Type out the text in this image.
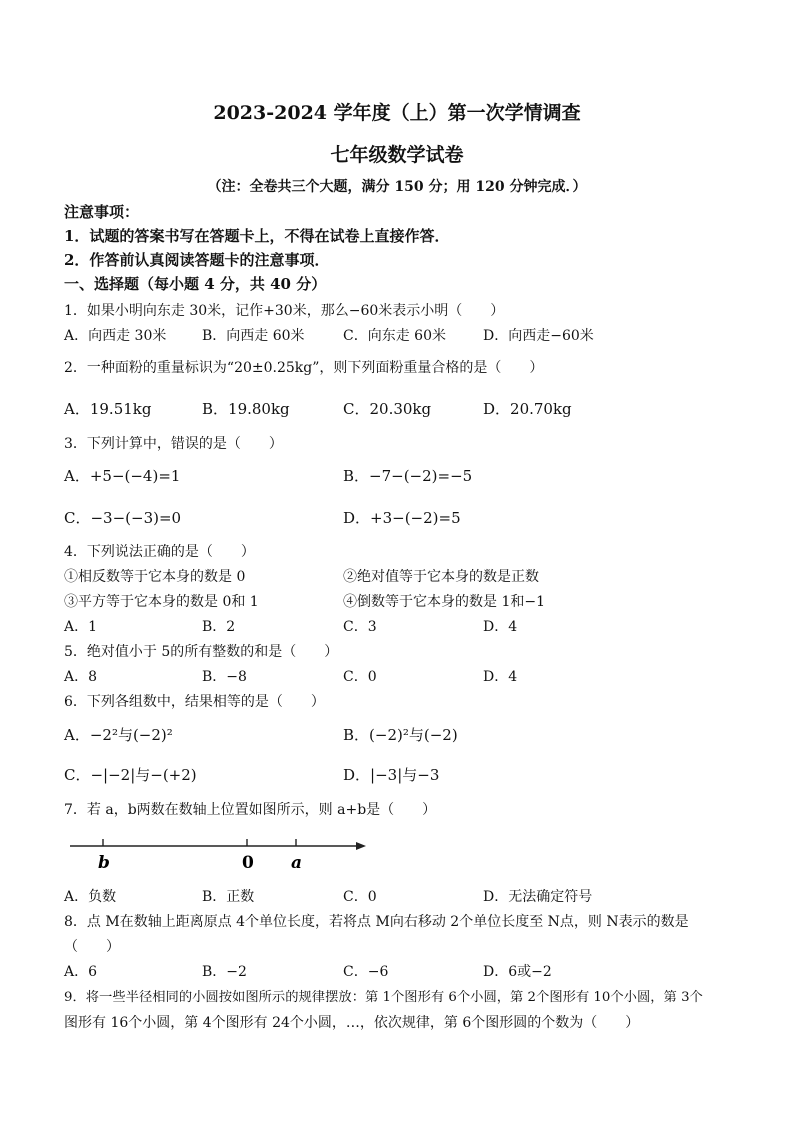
2023-2024 学年度（上）第一次学情调查
七年级数学试卷
（注：全卷共三个大题，满分 150 分；用 120 分钟完成．）
注意事项：
1．试题的答案书写在答题卡上，不得在试卷上直接作答．
2．作答前认真阅读答题卡的注意事项．
一、选择题（每小题 4 分，共 40 分）
1．如果小明向东走 30米，记作+30米，那么−60米表示小明（　　）
A．向西走 30米	B．向西走 60米	C．向东走 60米	D．向西走−60米
2．一种面粉的重量标识为“20±0.25kg”，则下列面粉重量合格的是（　　）
A．19.51kg	B．19.80kg	C．20.30kg	D．20.70kg
3．下列计算中，错误的是（　　）
A．+5−(−4)=1	B．−7−(−2)=−5
C．−3−(−3)=0	D．+3−(−2)=5
4．下列说法正确的是（　　）
①相反数等于它本身的数是 0	②绝对值等于它本身的数是正数
③平方等于它本身的数是 0和 1	④倒数等于它本身的数是 1和−1
A．1	B．2	C．3	D．4
5．绝对值小于 5的所有整数的和是（　　）
A．8	B．−8	C．0	D．4
6．下列各组数中，结果相等的是（　　）
A．−2²与(−2)²	B．(−2)²与(−2)
C．−|−2|与−(+2)	D．|−3|与−3
7．若 a，b两数在数轴上位置如图所示，则 a+b是（　　）
b	0 a
A．负数	B．正数	C．0	D．无法确定符号
8．点 M在数轴上距离原点 4个单位长度，若将点 M向右移动 2个单位长度至 N点，则 N表示的数是
（　　）
A．6	B．−2	C．−6	D．6或−2
9．将一些半径相同的小圆按如图所示的规律摆放：第 1个图形有 6个小圆，第 2个图形有 10个小圆，第 3个
图形有 16个小圆，第 4个图形有 24个小圆，…，依次规律，第 6个图形圆的个数为（　　）
